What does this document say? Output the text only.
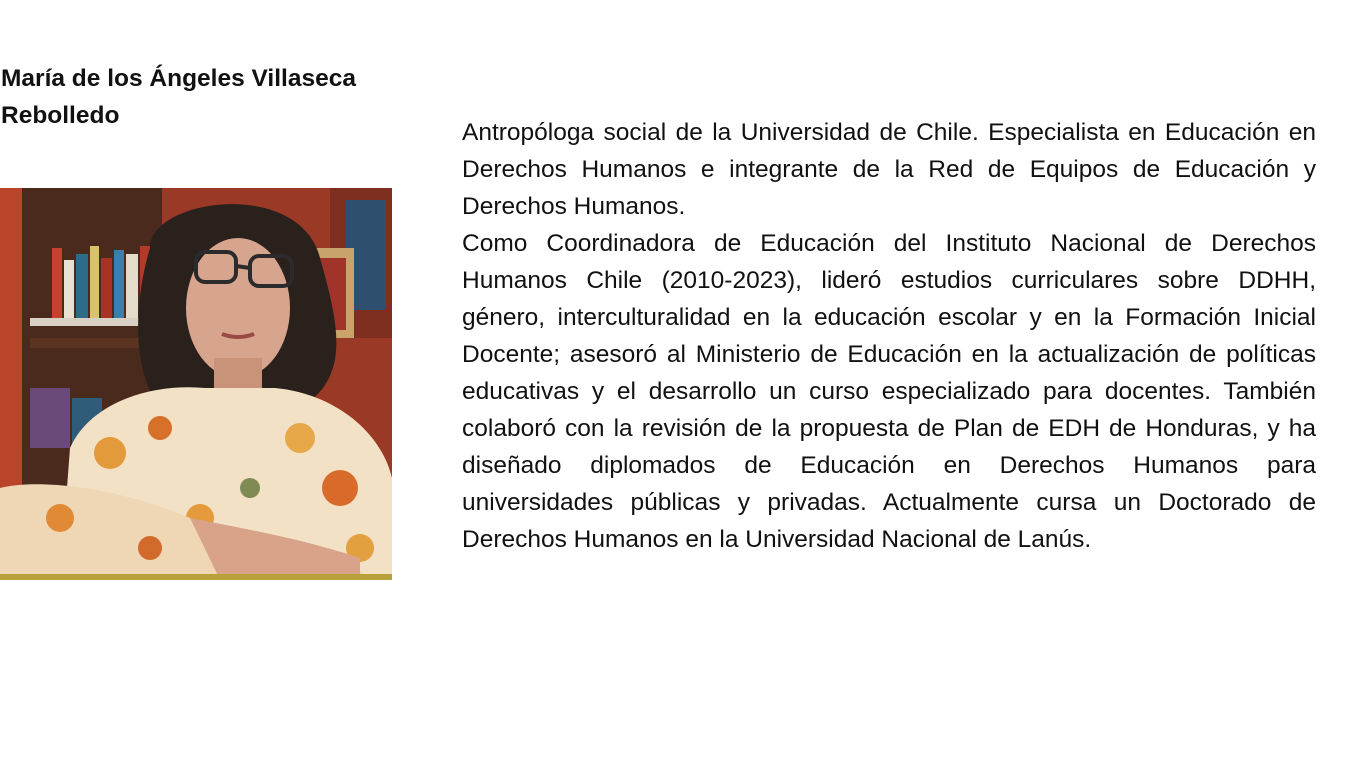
María de los Ángeles Villaseca Rebolledo

Antropóloga social de la Universidad de Chile. Especialista en Educación en Derechos Humanos e integrante de la Red de Equipos de Educación y Derechos Humanos.

Como Coordinadora de Educación del Instituto Nacional de Derechos Humanos Chile (2010-2023), lideró estudios curriculares sobre DDHH, género, interculturalidad en la educación escolar y en la Formación Inicial Docente; asesoró al Ministerio de Educación en la actualización de políticas educativas y el desarrollo un curso especializado para docentes. También colaboró con la revisión de la propuesta de Plan de EDH de Honduras, y ha diseñado diplomados de Educación en Derechos Humanos para universidades públicas y privadas. Actualmente cursa un Doctorado de Derechos Humanos en la Universidad Nacional de Lanús.
